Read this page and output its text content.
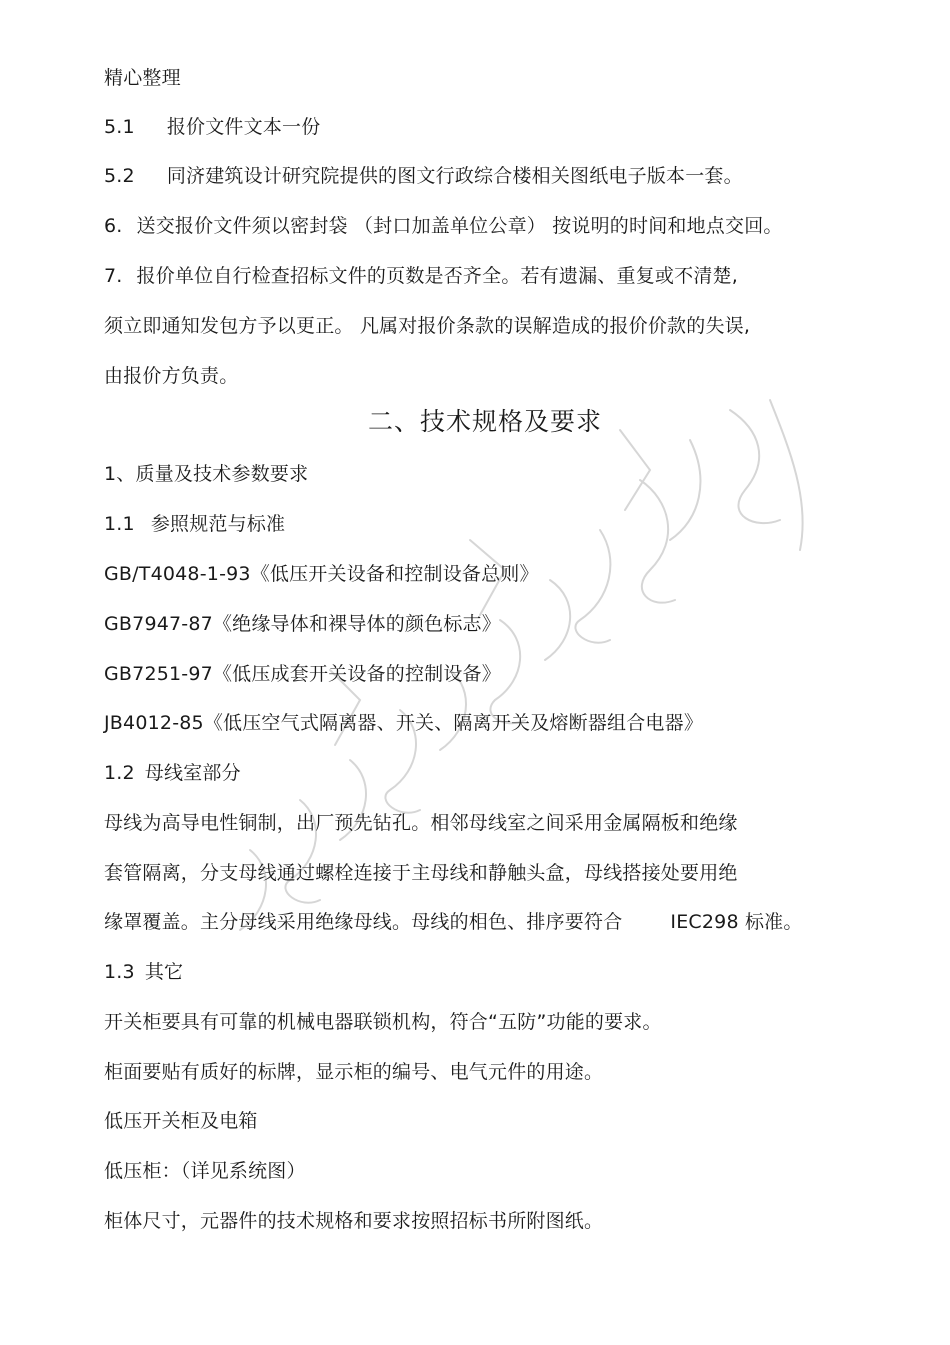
精心整理
5.1 报价文件文本一份
5.2 同济建筑设计研究院提供的图文行政综合楼相关图纸电子版本一套。
6. 送交报价文件须以密封袋 （封口加盖单位公章） 按说明的时间和地点交回。
7. 报价单位自行检查招标文件的页数是否齐全。若有遗漏、重复或不清楚,
须立即通知发包方予以更正。 凡属对报价条款的误解造成的报价价款的失误,
由报价方负责。
二、技术规格及要求
1、质量及技术参数要求
1.1 参照规范与标准
GB/T4048-1-93《低压开关设备和控制设备总则》
GB7947-87《绝缘导体和裸导体的颜色标志》
GB7251-97《低压成套开关设备的控制设备》
JB4012-85《低压空气式隔离器、开关、隔离开关及熔断器组合电器》
1.2 母线室部分
母线为高导电性铜制，出厂预先钻孔。相邻母线室之间采用金属隔板和绝缘
套管隔离，分支母线通过螺栓连接于主母线和静触头盒，母线搭接处要用绝
缘罩覆盖。主分母线采用绝缘母线。母线的相色、排序要符合	IEC298 标准。
1.3 其它
开关柜要具有可靠的机械电器联锁机构，符合“五防”功能的要求。
柜面要贴有质好的标牌，显示柜的编号、电气元件的用途。
低压开关柜及电箱
低压柜：（详见系统图）
柜体尺寸，元器件的技术规格和要求按照招标书所附图纸。
